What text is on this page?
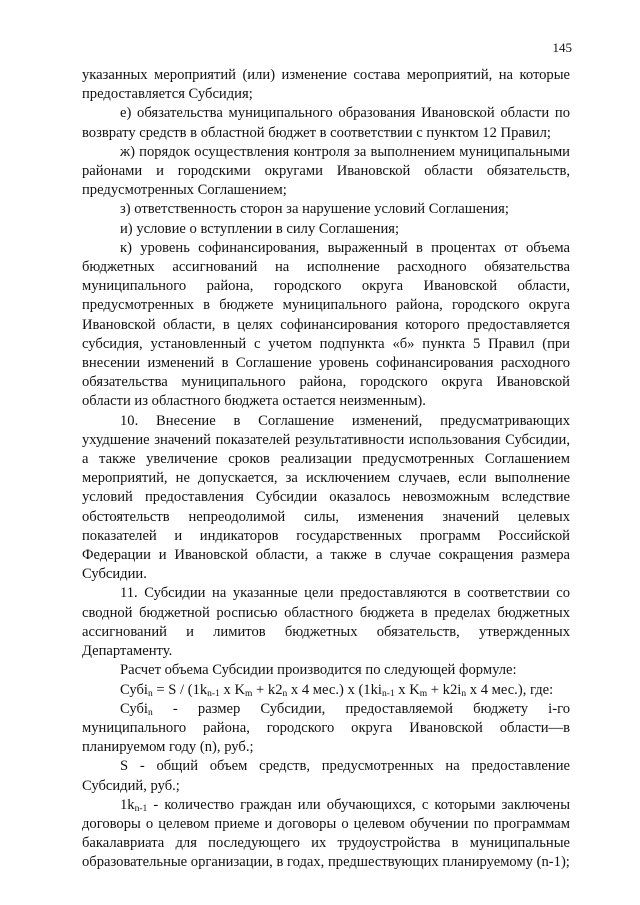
145

указанных мероприятий (или) изменение состава мероприятий, на которые предоставляется Субсидия;

е) обязательства муниципального образования Ивановской области по возврату средств в областной бюджет в соответствии с пунктом 12 Правил;

ж) порядок осуществления контроля за выполнением муниципальными районами и городскими округами Ивановской области обязательств, предусмотренных Соглашением;

з) ответственность сторон за нарушение условий Соглашения;

и) условие о вступлении в силу Соглашения;

к) уровень софинансирования, выраженный в процентах от объема бюджетных ассигнований на исполнение расходного обязательства муниципального района, городского округа Ивановской области, предусмотренных в бюджете муниципального района, городского округа Ивановской области, в целях софинансирования которого предоставляется субсидия, установленный с учетом подпункта «б» пункта 5 Правил (при внесении изменений в Соглашение уровень софинансирования расходного обязательства муниципального района, городского округа Ивановской области из областного бюджета остается неизменным).

10. Внесение в Соглашение изменений, предусматривающих ухудшение значений показателей результативности использования Субсидии, а также увеличение сроков реализации предусмотренных Соглашением мероприятий, не допускается, за исключением случаев, если выполнение условий предоставления Субсидии оказалось невозможным вследствие обстоятельств непреодолимой силы, изменения значений целевых показателей и индикаторов государственных программ Российской Федерации и Ивановской области, а также в случае сокращения размера Субсидии.

11. Субсидии на указанные цели предоставляются в соответствии со сводной бюджетной росписью областного бюджета в пределах бюджетных ассигнований и лимитов бюджетных обязательств, утвержденных Департаменту.

Расчет объема Субсидии производится по следующей формуле:

Субі$_n$ = S / ($1k_{n-1}$ x $K_m + k2_n$ x 4 мес.) x ($1ki_{n-1}$ x $K_m + k2i_n$ x 4 мес.), где:

Субі$_n$ - размер Субсидии, предоставляемой бюджету і-го муниципального района, городского округа Ивановской области—в планируемом году (n), руб.;

S - общий объем средств, предусмотренных на предоставление Субсидий, руб.;

$1k_{n-1}$ - количество граждан или обучающихся, с которыми заключены договоры о целевом приеме и договоры о целевом обучении по программам бакалавриата для последующего их трудоустройства в муниципальные образовательные организации, в годах, предшествующих планируемому (n-1);
